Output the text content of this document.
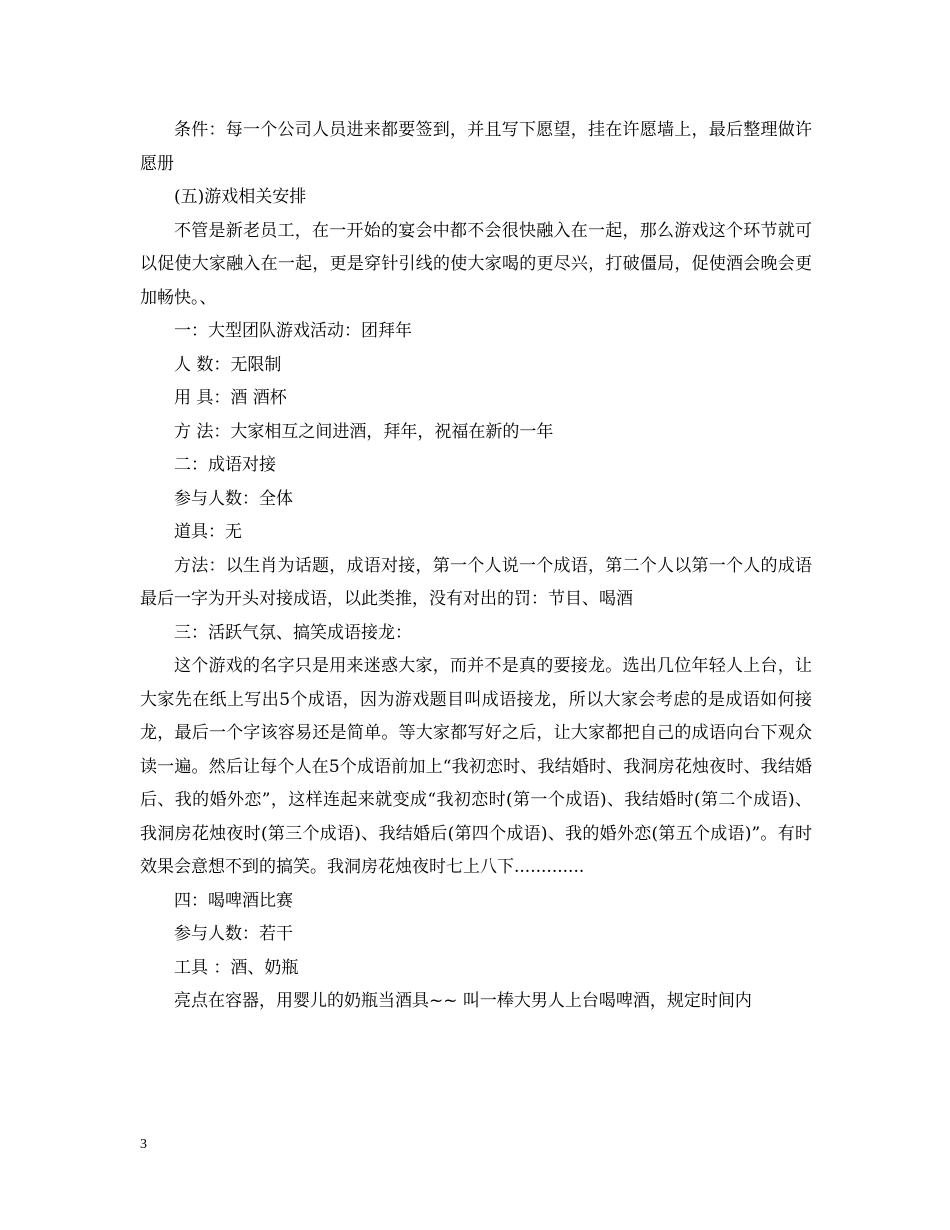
条件：每一个公司人员进来都要签到，并且写下愿望，挂在许愿墙上，最后整理做许愿册

(五)游戏相关安排

不管是新老员工，在一开始的宴会中都不会很快融入在一起，那么游戏这个环节就可以促使大家融入在一起，更是穿针引线的使大家喝的更尽兴，打破僵局，促使酒会晚会更加畅快。、

一：大型团队游戏活动：团拜年

人 数：无限制

用 具：酒 酒杯

方 法：大家相互之间进酒，拜年，祝福在新的一年

二：成语对接

参与人数：全体

道具：无

方法：以生肖为话题，成语对接，第一个人说一个成语，第二个人以第一个人的成语最后一字为开头对接成语，以此类推，没有对出的罚：节目、喝酒

三：活跃气氛、搞笑成语接龙：

这个游戏的名字只是用来迷惑大家，而并不是真的要接龙。选出几位年轻人上台，让大家先在纸上写出5个成语，因为游戏题目叫成语接龙，所以大家会考虑的是成语如何接龙，最后一个字该容易还是简单。等大家都写好之后，让大家都把自己的成语向台下观众读一遍。然后让每个人在5个成语前加上“我初恋时、我结婚时、我洞房花烛夜时、我结婚后、我的婚外恋”，这样连起来就变成“我初恋时(第一个成语)、我结婚时(第二个成语)、我洞房花烛夜时(第三个成语)、我结婚后(第四个成语)、我的婚外恋(第五个成语)”。有时效果会意想不到的搞笑。我洞房花烛夜时七上八下.............

四：喝啤酒比赛

参与人数：若干

工具 ：酒、奶瓶

亮点在容器，用婴儿的奶瓶当酒具~~ 叫一棒大男人上台喝啤酒，规定时间内

3
